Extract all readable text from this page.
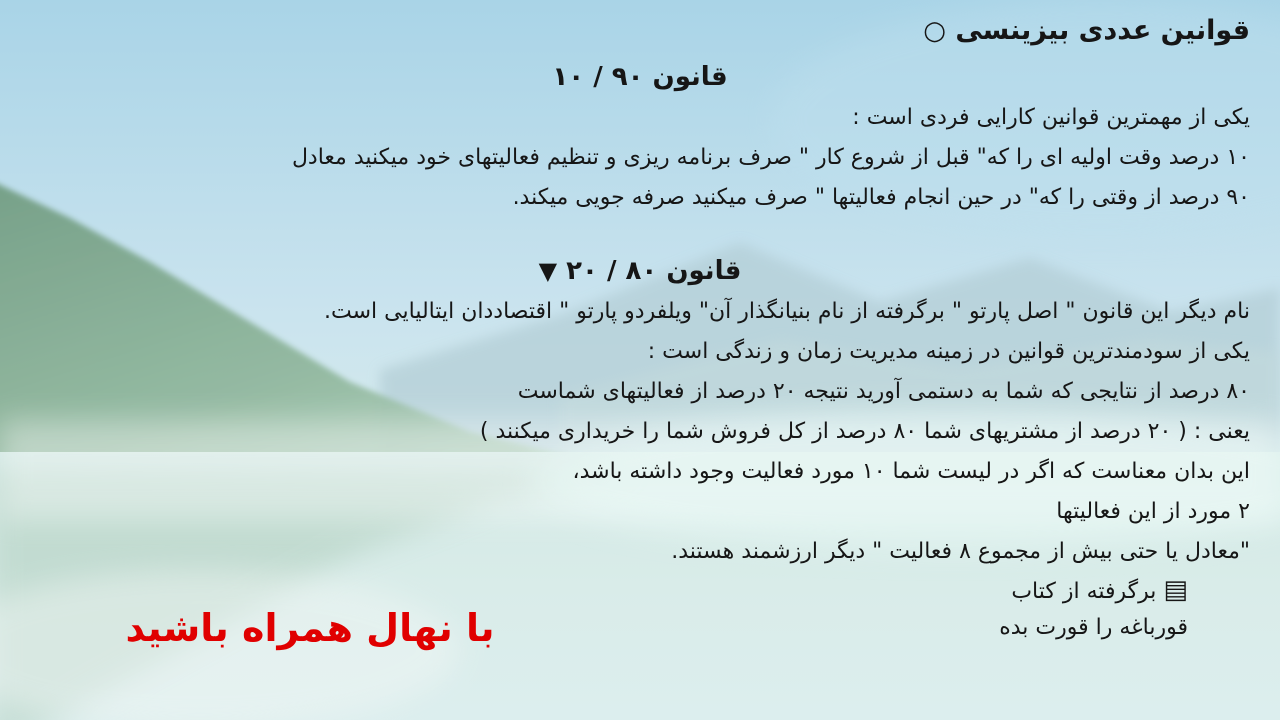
قوانین عددی بیزینسی ○
قانون ۹۰ / ۱۰
یکی از مهمترین قوانین کارایی فردی است :
۱۰ درصد وقت اولیه ای را که" قبل از شروع کار " صرف برنامه ریزی و تنظیم فعالیتهای خود میکنید معادل
۹۰ درصد از وقتی را که" در حین انجام فعالیتها " صرف میکنید صرفه جویی میکند.
قانون ۸۰ / ۲۰ ▼
نام دیگر این قانون " اصل پارتو " برگرفته از نام بنیانگذار آن" ویلفردو پارتو " اقتصاددان ایتالیایی است.
یکی از سودمندترین قوانین در زمینه مدیریت زمان و زندگی است :
۸۰ درصد از نتایجی که شما به دستمی آورید نتیجه ۲۰ درصد از فعالیتهای شماست
یعنی : ( ۲۰ درصد از مشتریهای شما ۸۰ درصد از کل فروش شما را خریداری میکنند )
این بدان معناست که اگر در لیست شما ۱۰ مورد فعالیت وجود داشته باشد،
۲ مورد از این فعالیتها
"معادل یا حتی بیش از مجموع ۸ فعالیت " دیگر ارزشمند هستند.
▤ برگرفته از کتاب
قورباغه را قورت بده
با نهال همراه باشید
